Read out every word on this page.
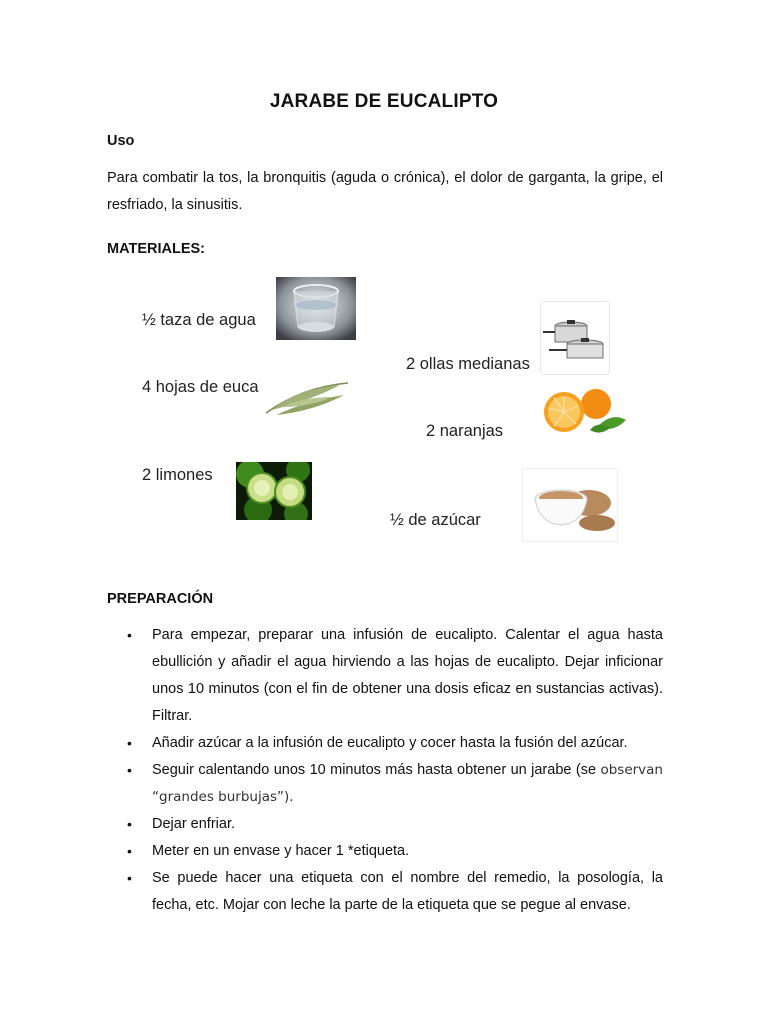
JARABE DE EUCALIPTO
Uso
Para combatir la tos, la bronquitis (aguda o crónica), el dolor de garganta, la gripe, el resfriado, la sinusitis.
MATERIALES:
½ taza de agua
4 hojas de euca
2 limones
2 ollas medianas
2 naranjas
½ de azúcar
PREPARACIÓN
• Para empezar, preparar una infusión de eucalipto. Calentar el agua hasta ebullición y añadir el agua hirviendo a las hojas de eucalipto. Dejar inficionar unos 10 minutos (con el fin de obtener una dosis eficaz en sustancias activas). Filtrar.
• Añadir azúcar a la infusión de eucalipto y cocer hasta la fusión del azúcar.
• Seguir calentando unos 10 minutos más hasta obtener un jarabe (se observan “grandes burbujas”).
• Dejar enfriar.
• Meter en un envase y hacer 1 *etiqueta.
• Se puede hacer una etiqueta con el nombre del remedio, la posología, la fecha, etc. Mojar con leche la parte de la etiqueta que se pegue al envase.
